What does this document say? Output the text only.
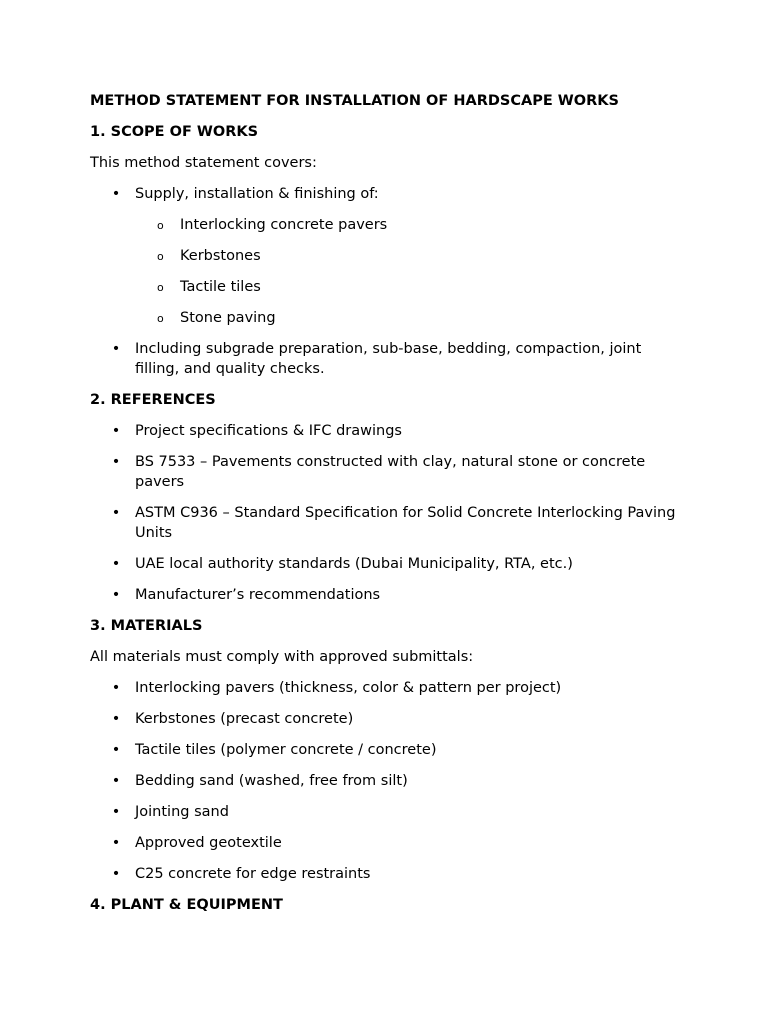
METHOD STATEMENT FOR INSTALLATION OF HARDSCAPE WORKS

1. SCOPE OF WORKS

This method statement covers:

• Supply, installation & finishing of:
o Interlocking concrete pavers
o Kerbstones
o Tactile tiles
o Stone paving
• Including subgrade preparation, sub-base, bedding, compaction, joint filling, and quality checks.

2. REFERENCES

• Project specifications & IFC drawings
• BS 7533 – Pavements constructed with clay, natural stone or concrete pavers
• ASTM C936 – Standard Specification for Solid Concrete Interlocking Paving Units
• UAE local authority standards (Dubai Municipality, RTA, etc.)
• Manufacturer’s recommendations

3. MATERIALS

All materials must comply with approved submittals:

• Interlocking pavers (thickness, color & pattern per project)
• Kerbstones (precast concrete)
• Tactile tiles (polymer concrete / concrete)
• Bedding sand (washed, free from silt)
• Jointing sand
• Approved geotextile
• C25 concrete for edge restraints

4. PLANT & EQUIPMENT
